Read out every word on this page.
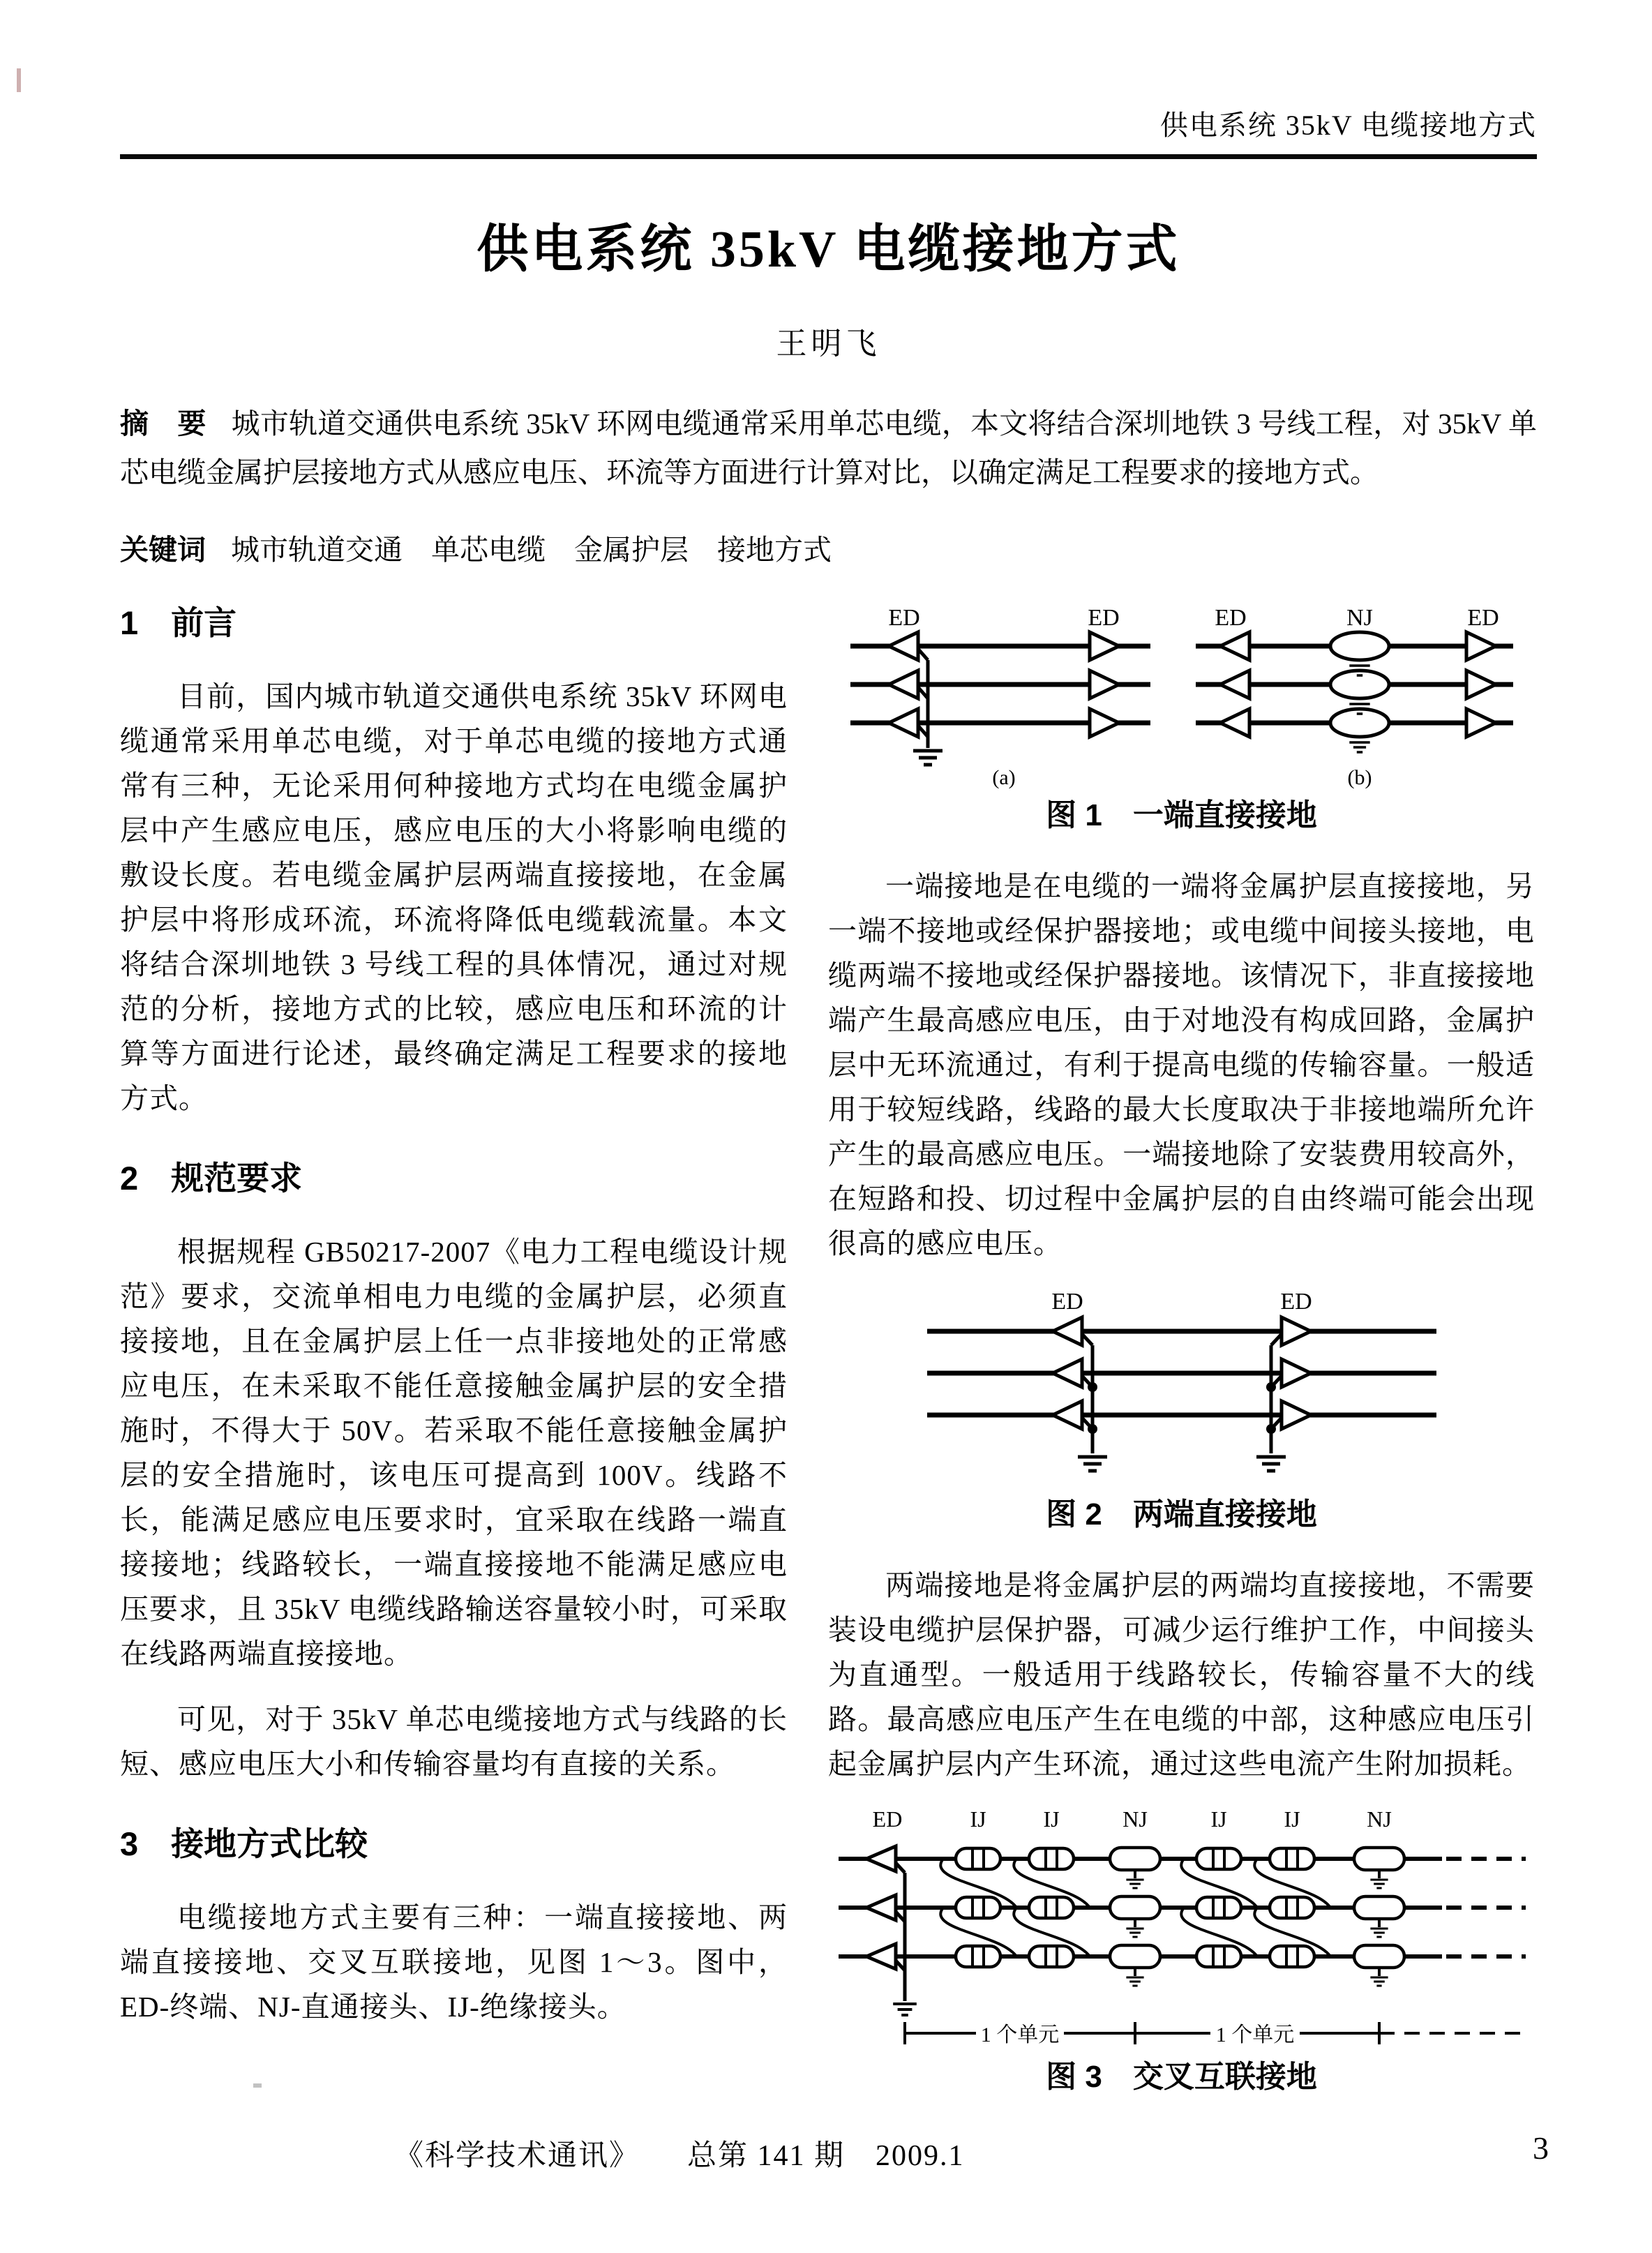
供电系统 35kV 电缆接地方式
供电系统 35kV 电缆接地方式
王明飞

摘　要 城市轨道交通供电系统 35kV 环网电缆通常采用单芯电缆，本文将结合深圳地铁 3 号线工程，对 35kV 单芯电缆金属护层接地方式从感应电压、环流等方面进行计算对比，以确定满足工程要求的接地方式。

关键词 城市轨道交通　单芯电缆　金属护层　接地方式

1　前言

目前，国内城市轨道交通供电系统 35kV 环网电缆通常采用单芯电缆，对于单芯电缆的接地方式通常有三种，无论采用何种接地方式均在电缆金属护层中产生感应电压，感应电压的大小将影响电缆的敷设长度。若电缆金属护层两端直接接地，在金属护层中将形成环流，环流将降低电缆载流量。本文将结合深圳地铁 3 号线工程的具体情况，通过对规范的分析，接地方式的比较，感应电压和环流的计算等方面进行论述，最终确定满足工程要求的接地方式。

2　规范要求

根据规程 GB50217-2007《电力工程电缆设计规范》要求，交流单相电力电缆的金属护层，必须直接接地，且在金属护层上任一点非接地处的正常感应电压，在未采取不能任意接触金属护层的安全措施时，不得大于 50V。若采取不能任意接触金属护层的安全措施时，该电压可提高到 100V。线路不长，能满足感应电压要求时，宜采取在线路一端直接接地；线路较长，一端直接接地不能满足感应电压要求，且 35kV 电缆线路输送容量较小时，可采取在线路两端直接接地。

可见，对于 35kV 单芯电缆接地方式与线路的长短、感应电压大小和传输容量均有直接的关系。

3　接地方式比较

电缆接地方式主要有三种：一端直接接地、两端直接接地、交叉互联接地，见图 1～3。图中，ED-终端、NJ-直通接头、IJ-绝缘接头。

ED	ED
(a)
ED	NJ	ED
(b)
图 1　一端直接接地

一端接地是在电缆的一端将金属护层直接接地，另一端不接地或经保护器接地；或电缆中间接头接地，电缆两端不接地或经保护器接地。该情况下，非直接接地端产生最高感应电压，由于对地没有构成回路，金属护层中无环流通过，有利于提高电缆的传输容量。一般适用于较短线路，线路的最大长度取决于非接地端所允许产生的最高感应电压。一端接地除了安装费用较高外，在短路和投、切过程中金属护层的自由终端可能会出现很高的感应电压。

ED	ED
图 2　两端直接接地

两端接地是将金属护层的两端均直接接地，不需要装设电缆护层保护器，可减少运行维护工作，中间接头为直通型。一般适用于线路较长，传输容量不大的线路。最高感应电压产生在电缆的中部，这种感应电压引起金属护层内产生环流，通过这些电流产生附加损耗。

ED	IJ	IJ	NJ	IJ	IJ	NJ
1 个单元	1 个单元
图 3　交叉互联接地
《科学技术通讯》 总第 141 期　2009.1	3
